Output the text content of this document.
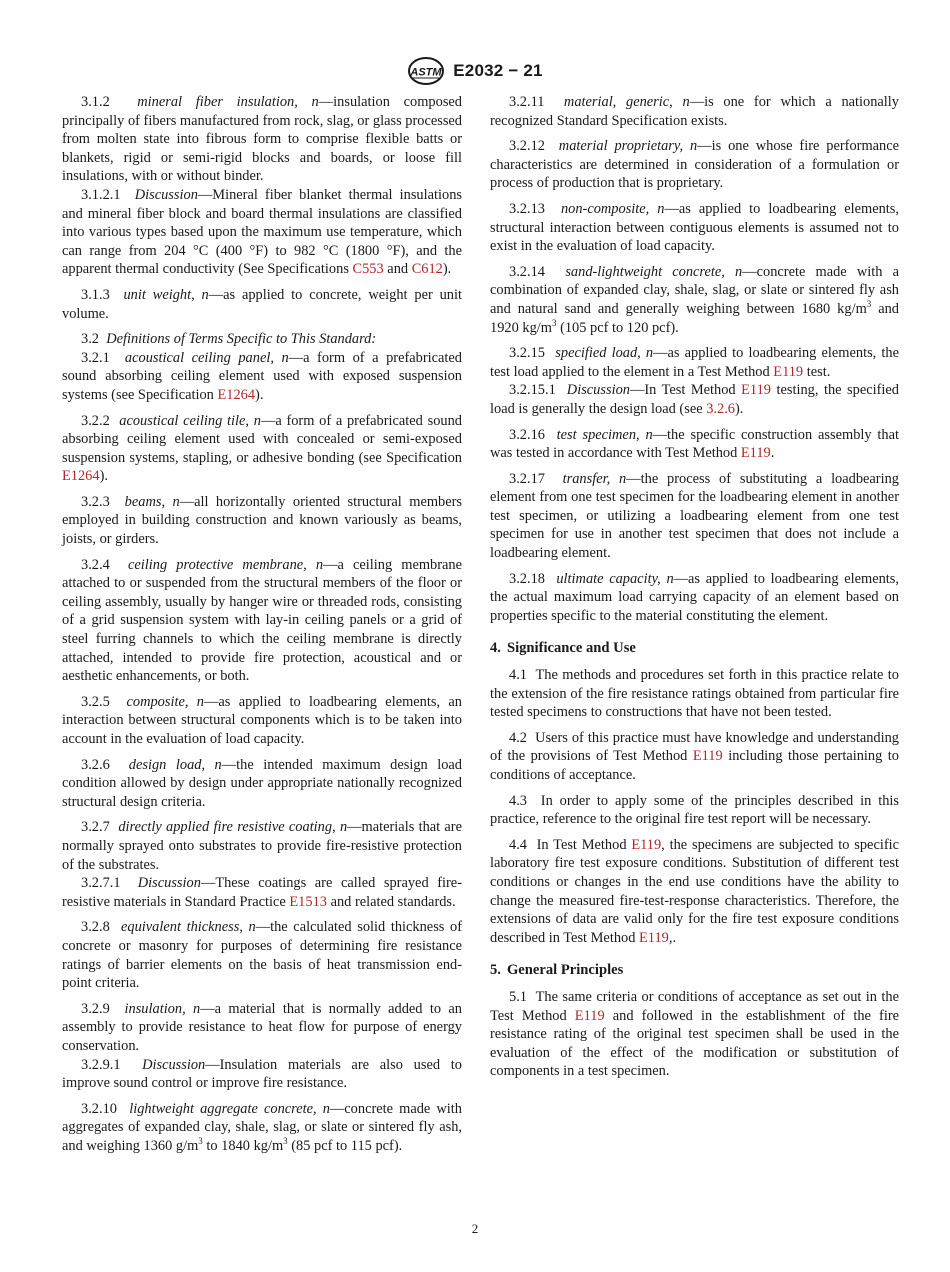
ASTM E2032 − 21

3.1.2 mineral fiber insulation, n—insulation composed principally of fibers manufactured from rock, slag, or glass processed from molten state into fibrous form to comprise flexible batts or blankets, rigid or semi-rigid blocks and boards, or loose fill insulations, with or without binder.

3.1.2.1 Discussion—Mineral fiber blanket thermal insulations and mineral fiber block and board thermal insulations are classified into various types based upon the maximum use temperature, which can range from 204 °C (400 °F) to 982 °C (1800 °F), and the apparent thermal conductivity (See Specifications C553 and C612).

3.1.3 unit weight, n—as applied to concrete, weight per unit volume.

3.2 Definitions of Terms Specific to This Standard:

3.2.1 acoustical ceiling panel, n—a form of a prefabricated sound absorbing ceiling element used with exposed suspension systems (see Specification E1264).

3.2.2 acoustical ceiling tile, n—a form of a prefabricated sound absorbing ceiling element used with concealed or semi-exposed suspension systems, stapling, or adhesive bonding (see Specification E1264).

3.2.3 beams, n—all horizontally oriented structural members employed in building construction and known variously as beams, joists, or girders.

3.2.4 ceiling protective membrane, n—a ceiling membrane attached to or suspended from the structural members of the floor or ceiling assembly, usually by hanger wire or threaded rods, consisting of a grid suspension system with lay-in ceiling panels or a grid of steel furring channels to which the ceiling membrane is directly attached, intended to provide fire protection, acoustical and or aesthetic enhancements, or both.

3.2.5 composite, n—as applied to loadbearing elements, an interaction between structural components which is to be taken into account in the evaluation of load capacity.

3.2.6 design load, n—the intended maximum design load condition allowed by design under appropriate nationally recognized structural design criteria.

3.2.7 directly applied fire resistive coating, n—materials that are normally sprayed onto substrates to provide fire-resistive protection of the substrates.

3.2.7.1 Discussion—These coatings are called sprayed fire-resistive materials in Standard Practice E1513 and related standards.

3.2.8 equivalent thickness, n—the calculated solid thickness of concrete or masonry for purposes of determining fire resistance ratings of barrier elements on the basis of heat transmission end-point criteria.

3.2.9 insulation, n—a material that is normally added to an assembly to provide resistance to heat flow for purpose of energy conservation.

3.2.9.1 Discussion—Insulation materials are also used to improve sound control or improve fire resistance.

3.2.10 lightweight aggregate concrete, n—concrete made with aggregates of expanded clay, shale, slag, or slate or sintered fly ash, and weighing 1360 $g/m^3$ to 1840 $kg/m^3$ (85 pcf to 115 pcf).

3.2.11 material, generic, n—is one for which a nationally recognized Standard Specification exists.

3.2.12 material proprietary, n—is one whose fire performance characteristics are determined in consideration of a formulation or process of production that is proprietary.

3.2.13 non-composite, n—as applied to loadbearing elements, structural interaction between contiguous elements is assumed not to exist in the evaluation of load capacity.

3.2.14 sand-lightweight concrete, n—concrete made with a combination of expanded clay, shale, slag, or slate or sintered fly ash and natural sand and generally weighing between 1680 $kg/m^3$ and 1920 $kg/m^3$ (105 pcf to 120 pcf).

3.2.15 specified load, n—as applied to loadbearing elements, the test load applied to the element in a Test Method E119 test.

3.2.15.1 Discussion—In Test Method E119 testing, the specified load is generally the design load (see 3.2.6).

3.2.16 test specimen, n—the specific construction assembly that was tested in accordance with Test Method E119.

3.2.17 transfer, n—the process of substituting a loadbearing element from one test specimen for the loadbearing element in another test specimen, or utilizing a loadbearing element from one test specimen for use in another test specimen that does not include a loadbearing element.

3.2.18 ultimate capacity, n—as applied to loadbearing elements, the actual maximum load carrying capacity of an element based on properties specific to the material constituting the element.

4. Significance and Use

4.1 The methods and procedures set forth in this practice relate to the extension of the fire resistance ratings obtained from particular fire tested specimens to constructions that have not been tested.

4.2 Users of this practice must have knowledge and understanding of the provisions of Test Method E119 including those pertaining to conditions of acceptance.

4.3 In order to apply some of the principles described in this practice, reference to the original fire test report will be necessary.

4.4 In Test Method E119, the specimens are subjected to specific laboratory fire test exposure conditions. Substitution of different test conditions or changes in the end use conditions have the ability to change the measured fire-test-response characteristics. Therefore, the extensions of data are valid only for the fire test exposure conditions described in Test Method E119,.

5. General Principles

5.1 The same criteria or conditions of acceptance as set out in the Test Method E119 and followed in the establishment of the fire resistance rating of the original test specimen shall be used in the evaluation of the effect of the modification or substitution of components in a test specimen.

2
